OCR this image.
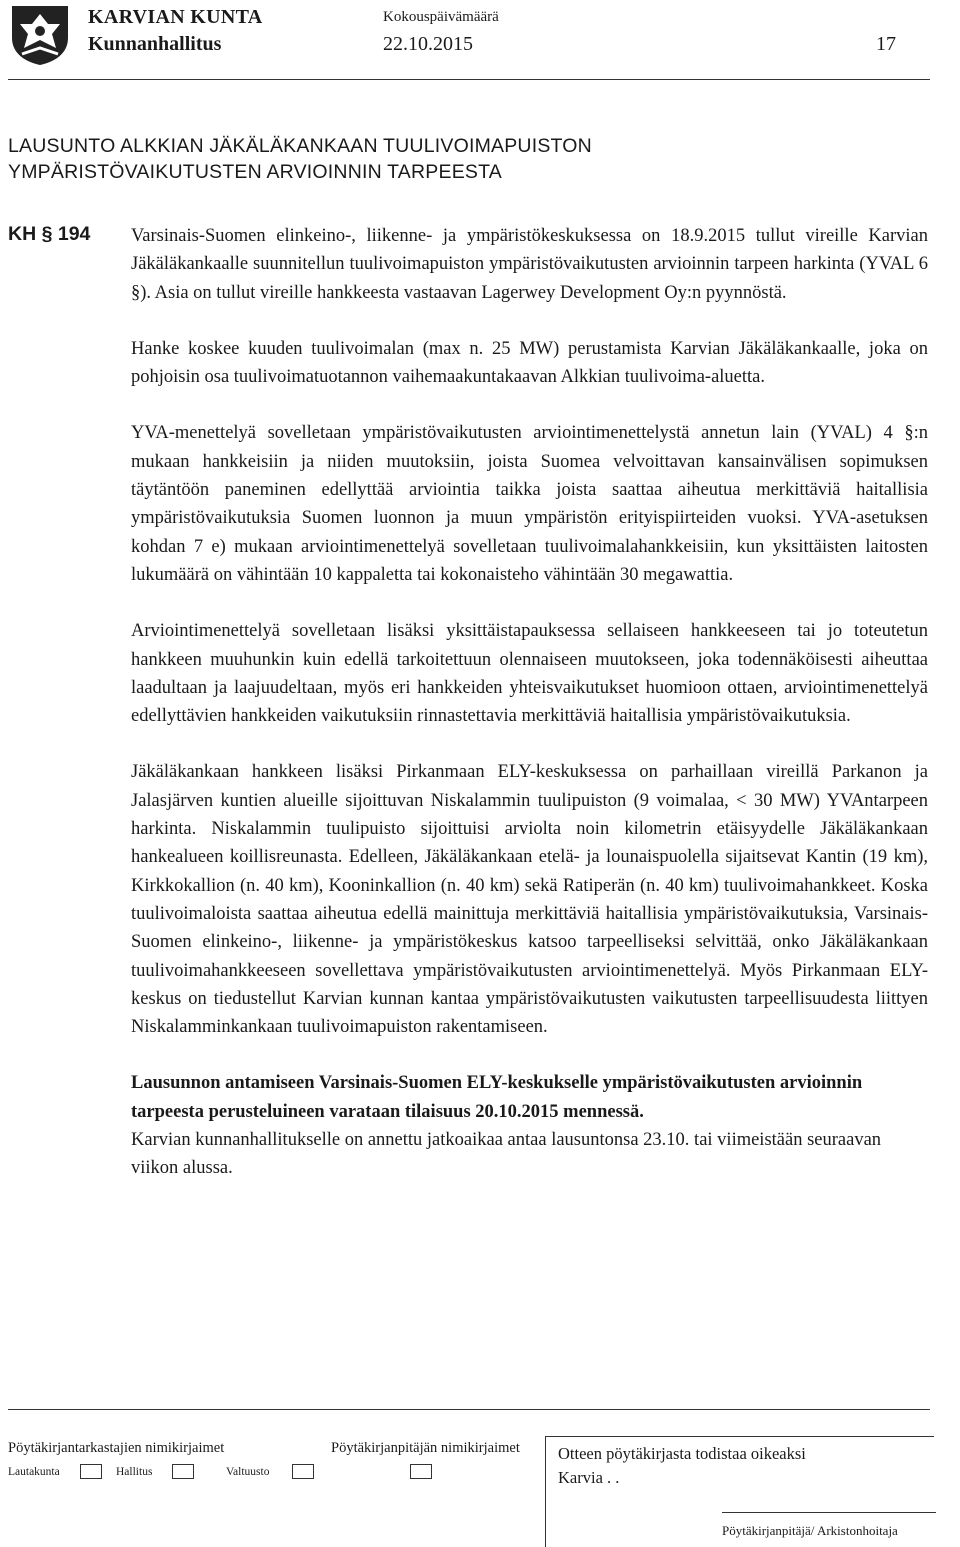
KARVIAN KUNTA
Kunnanhallitus
Kokouspäivämäärä
22.10.2015	17
LAUSUNTO ALKKIAN JÄKÄLÄKANKAAN TUULIVOIMAPUISTON
YMPÄRISTÖVAIKUTUSTEN ARVIOINNIN TARPEESTA
KH § 194 Varsinais-Suomen elinkeino-, liikenne- ja ympäristökeskuksessa on 18.9.2015 tullut vireille Karvian Jäkäläkankaalle suunnitellun tuulivoimapuiston ympäristövaikutusten arvioinnin tarpeen harkinta (YVAL 6 §). Asia on tullut vireille hankkeesta vastaavan Lagerwey Development Oy:n pyynnöstä.

Hanke koskee kuuden tuulivoimalan (max n. 25 MW) perustamista Karvian Jäkäläkankaalle, joka on pohjoisin osa tuulivoimatuotannon vaihemaakuntakaavan Alkkian tuulivoima-aluetta.

YVA-menettelyä sovelletaan ympäristövaikutusten arviointimenettelystä annetun lain (YVAL) 4 §:n mukaan hankkeisiin ja niiden muutoksiin, joista Suomea velvoittavan kansainvälisen sopimuksen täytäntöön paneminen edellyttää arviointia taikka joista saattaa aiheutua merkittäviä haitallisia ympäristövaikutuksia Suomen luonnon ja muun ympäristön erityispiirteiden vuoksi. YVA-asetuksen kohdan 7 e) mukaan arviointimenettelyä sovelletaan tuulivoimalahankkeisiin, kun yksittäisten laitosten lukumäärä on vähintään 10 kappaletta tai kokonaisteho vähintään 30 megawattia.

Arviointimenettelyä sovelletaan lisäksi yksittäistapauksessa sellaiseen hankkeeseen tai jo toteutetun hankkeen muuhunkin kuin edellä tarkoitettuun olennaiseen muutokseen, joka todennäköisesti aiheuttaa laadultaan ja laajuudeltaan, myös eri hankkeiden yhteisvaikutukset huomioon ottaen, arviointimenettelyä edellyttävien hankkeiden vaikutuksiin rinnastettavia merkittäviä haitallisia ympäristövaikutuksia.

Jäkäläkankaan hankkeen lisäksi Pirkanmaan ELY-keskuksessa on parhaillaan vireillä Parkanon ja Jalasjärven kuntien alueille sijoittuvan Niskalammin tuulipuiston (9 voimalaa, < 30 MW) YVAntarpeen harkinta. Niskalammin tuulipuisto sijoittuisi arviolta noin kilometrin etäisyydelle Jäkäläkankaan hankealueen koillisreunasta. Edelleen, Jäkäläkankaan etelä- ja lounaispuolella sijaitsevat Kantin (19 km), Kirkkokallion (n. 40 km), Kooninkallion (n. 40 km) sekä Ratiperän (n. 40 km) tuulivoimahankkeet. Koska tuulivoimaloista saattaa aiheutua edellä mainittuja merkittäviä haitallisia ympäristövaikutuksia, Varsinais-Suomen elinkeino-, liikenne- ja ympäristökeskus katsoo tarpeelliseksi selvittää, onko Jäkäläkankaan tuulivoimahankkeeseen sovellettava ympäristövaikutusten arviointimenettelyä. Myös Pirkanmaan ELY-keskus on tiedustellut Karvian kunnan kantaa ympäristövaikutusten vaikutusten tarpeellisuudesta liittyen Niskalamminkankaan tuulivoimapuiston rakentamiseen.

Lausunnon antamiseen Varsinais-Suomen ELY-keskukselle ympäristövaikutusten arvioinnin tarpeesta perusteluineen varataan tilaisuus 20.10.2015 mennessä.

Karvian kunnanhallitukselle on annettu jatkoaikaa antaa lausuntonsa 23.10. tai viimeistään seuraavan viikon alussa.

Pöytäkirjantarkastajien nimikirjaimet	Pöytäkirjanpitäjän nimikirjaimet
Lautakunta	Hallitus	Valtuusto
Otteen pöytäkirjasta todistaa oikeaksi
Karvia . .
Pöytäkirjanpitäjä/ Arkistonhoitaja
